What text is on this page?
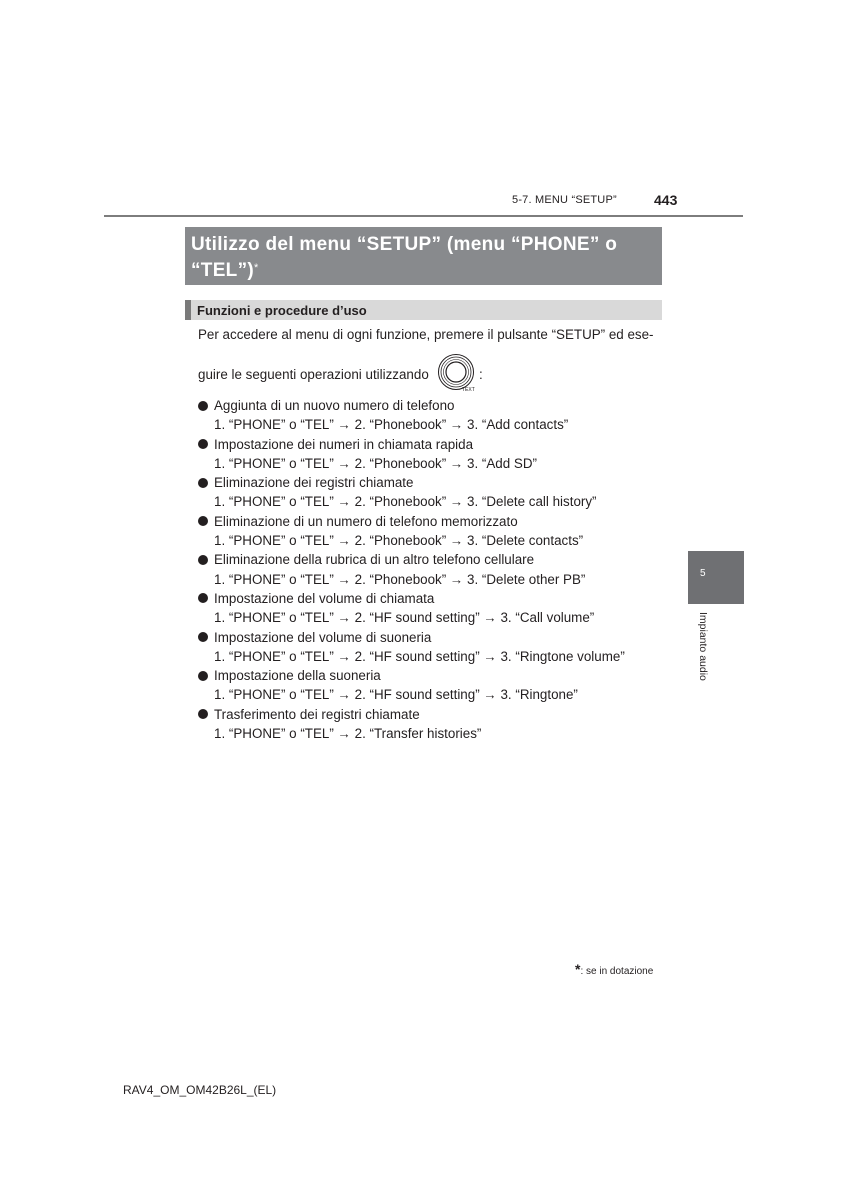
5-7. MENU “SETUP”	443
Utilizzo del menu “SETUP” (menu “PHONE” o
“TEL”)*
Funzioni e procedure d’uso
Per accedere al menu di ogni funzione, premere il pulsante “SETUP” ed ese-
guire le seguenti operazioni utilizzando
TEXT
:
Aggiunta di un nuovo numero di telefono
1. “PHONE” o “TEL” → 2. “Phonebook” → 3. “Add contacts”
Impostazione dei numeri in chiamata rapida
1. “PHONE” o “TEL” → 2. “Phonebook” → 3. “Add SD”
Eliminazione dei registri chiamate
1. “PHONE” o “TEL” → 2. “Phonebook” → 3. “Delete call history”
Eliminazione di un numero di telefono memorizzato
1. “PHONE” o “TEL” → 2. “Phonebook” → 3. “Delete contacts”
Eliminazione della rubrica di un altro telefono cellulare
1. “PHONE” o “TEL” → 2. “Phonebook” → 3. “Delete other PB”
Impostazione del volume di chiamata
1. “PHONE” o “TEL” → 2. “HF sound setting” → 3. “Call volume”
Impostazione del volume di suoneria
1. “PHONE” o “TEL” → 2. “HF sound setting” → 3. “Ringtone volume”
Impostazione della suoneria
1. “PHONE” o “TEL” → 2. “HF sound setting” → 3. “Ringtone”
Trasferimento dei registri chiamate
1. “PHONE” o “TEL” → 2. “Transfer histories”
5
Impianto audio
*: se in dotazione
RAV4_OM_OM42B26L_(EL)
